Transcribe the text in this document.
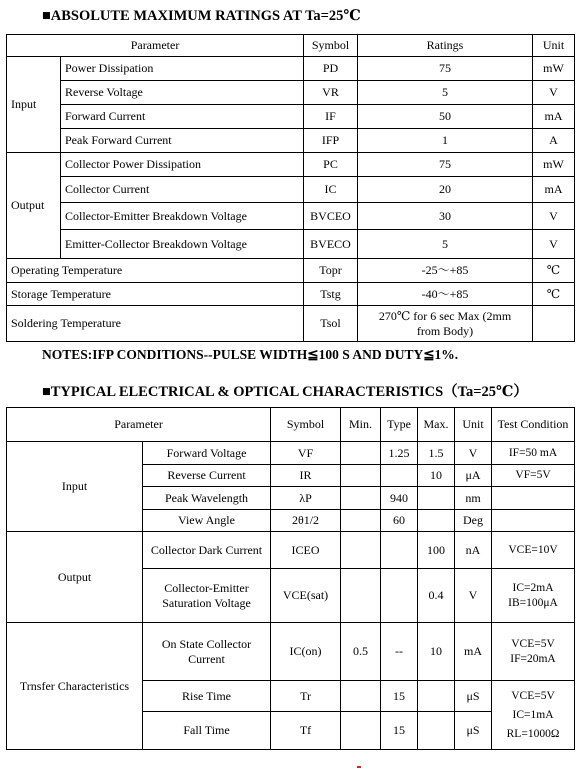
■ABSOLUTE MAXIMUM RATINGS AT Ta=25℃
Parameter		Symbol	Ratings	Unit
Input	Power Dissipation	PD	75	mW
	Reverse Voltage	VR	5	V
	Forward Current	IF	50	mA
	Peak Forward Current	IFP	1	A
Output	Collector Power Dissipation	PC	75	mW
	Collector Current	IC	20	mA
	Collector-Emitter Breakdown Voltage	BVCEO	30	V
	Emitter-Collector Breakdown Voltage	BVECO	5	V
Operating Temperature		Topr	-25～+85	℃
Storage Temperature		Tstg	-40～+85	℃
Soldering Temperature		Tsol	270℃ for 6 sec Max (2mm from Body)	
NOTES:IFP CONDITIONS--PULSE WIDTH≦100 S AND DUTY≦1%.
■TYPICAL ELECTRICAL & OPTICAL CHARACTERISTICS（Ta=25℃）
Parameter		Symbol	Min.	Type	Max.	Unit	Test Condition
Input	Forward Voltage	VF		1.25	1.5	V	IF=50 mA
	Reverse Current	IR			10	μA	VF=5V
	Peak Wavelength	λP		940		nm	
	View Angle	2θ1/2		60		Deg	
Output	Collector Dark Current	ICEO			100	nA	VCE=10V
	Collector-Emitter Saturation Voltage	VCE(sat)			0.4	V	IC=2mA IB=100μA
Trnsfer Characteristics	On State Collector Current	IC(on)	0.5	--	10	mA	VCE=5V IF=20mA
	Rise Time	Tr		15		μS	VCE=5V IC=1mA RL=1000Ω
	Fall Time	Tf		15		μS	
